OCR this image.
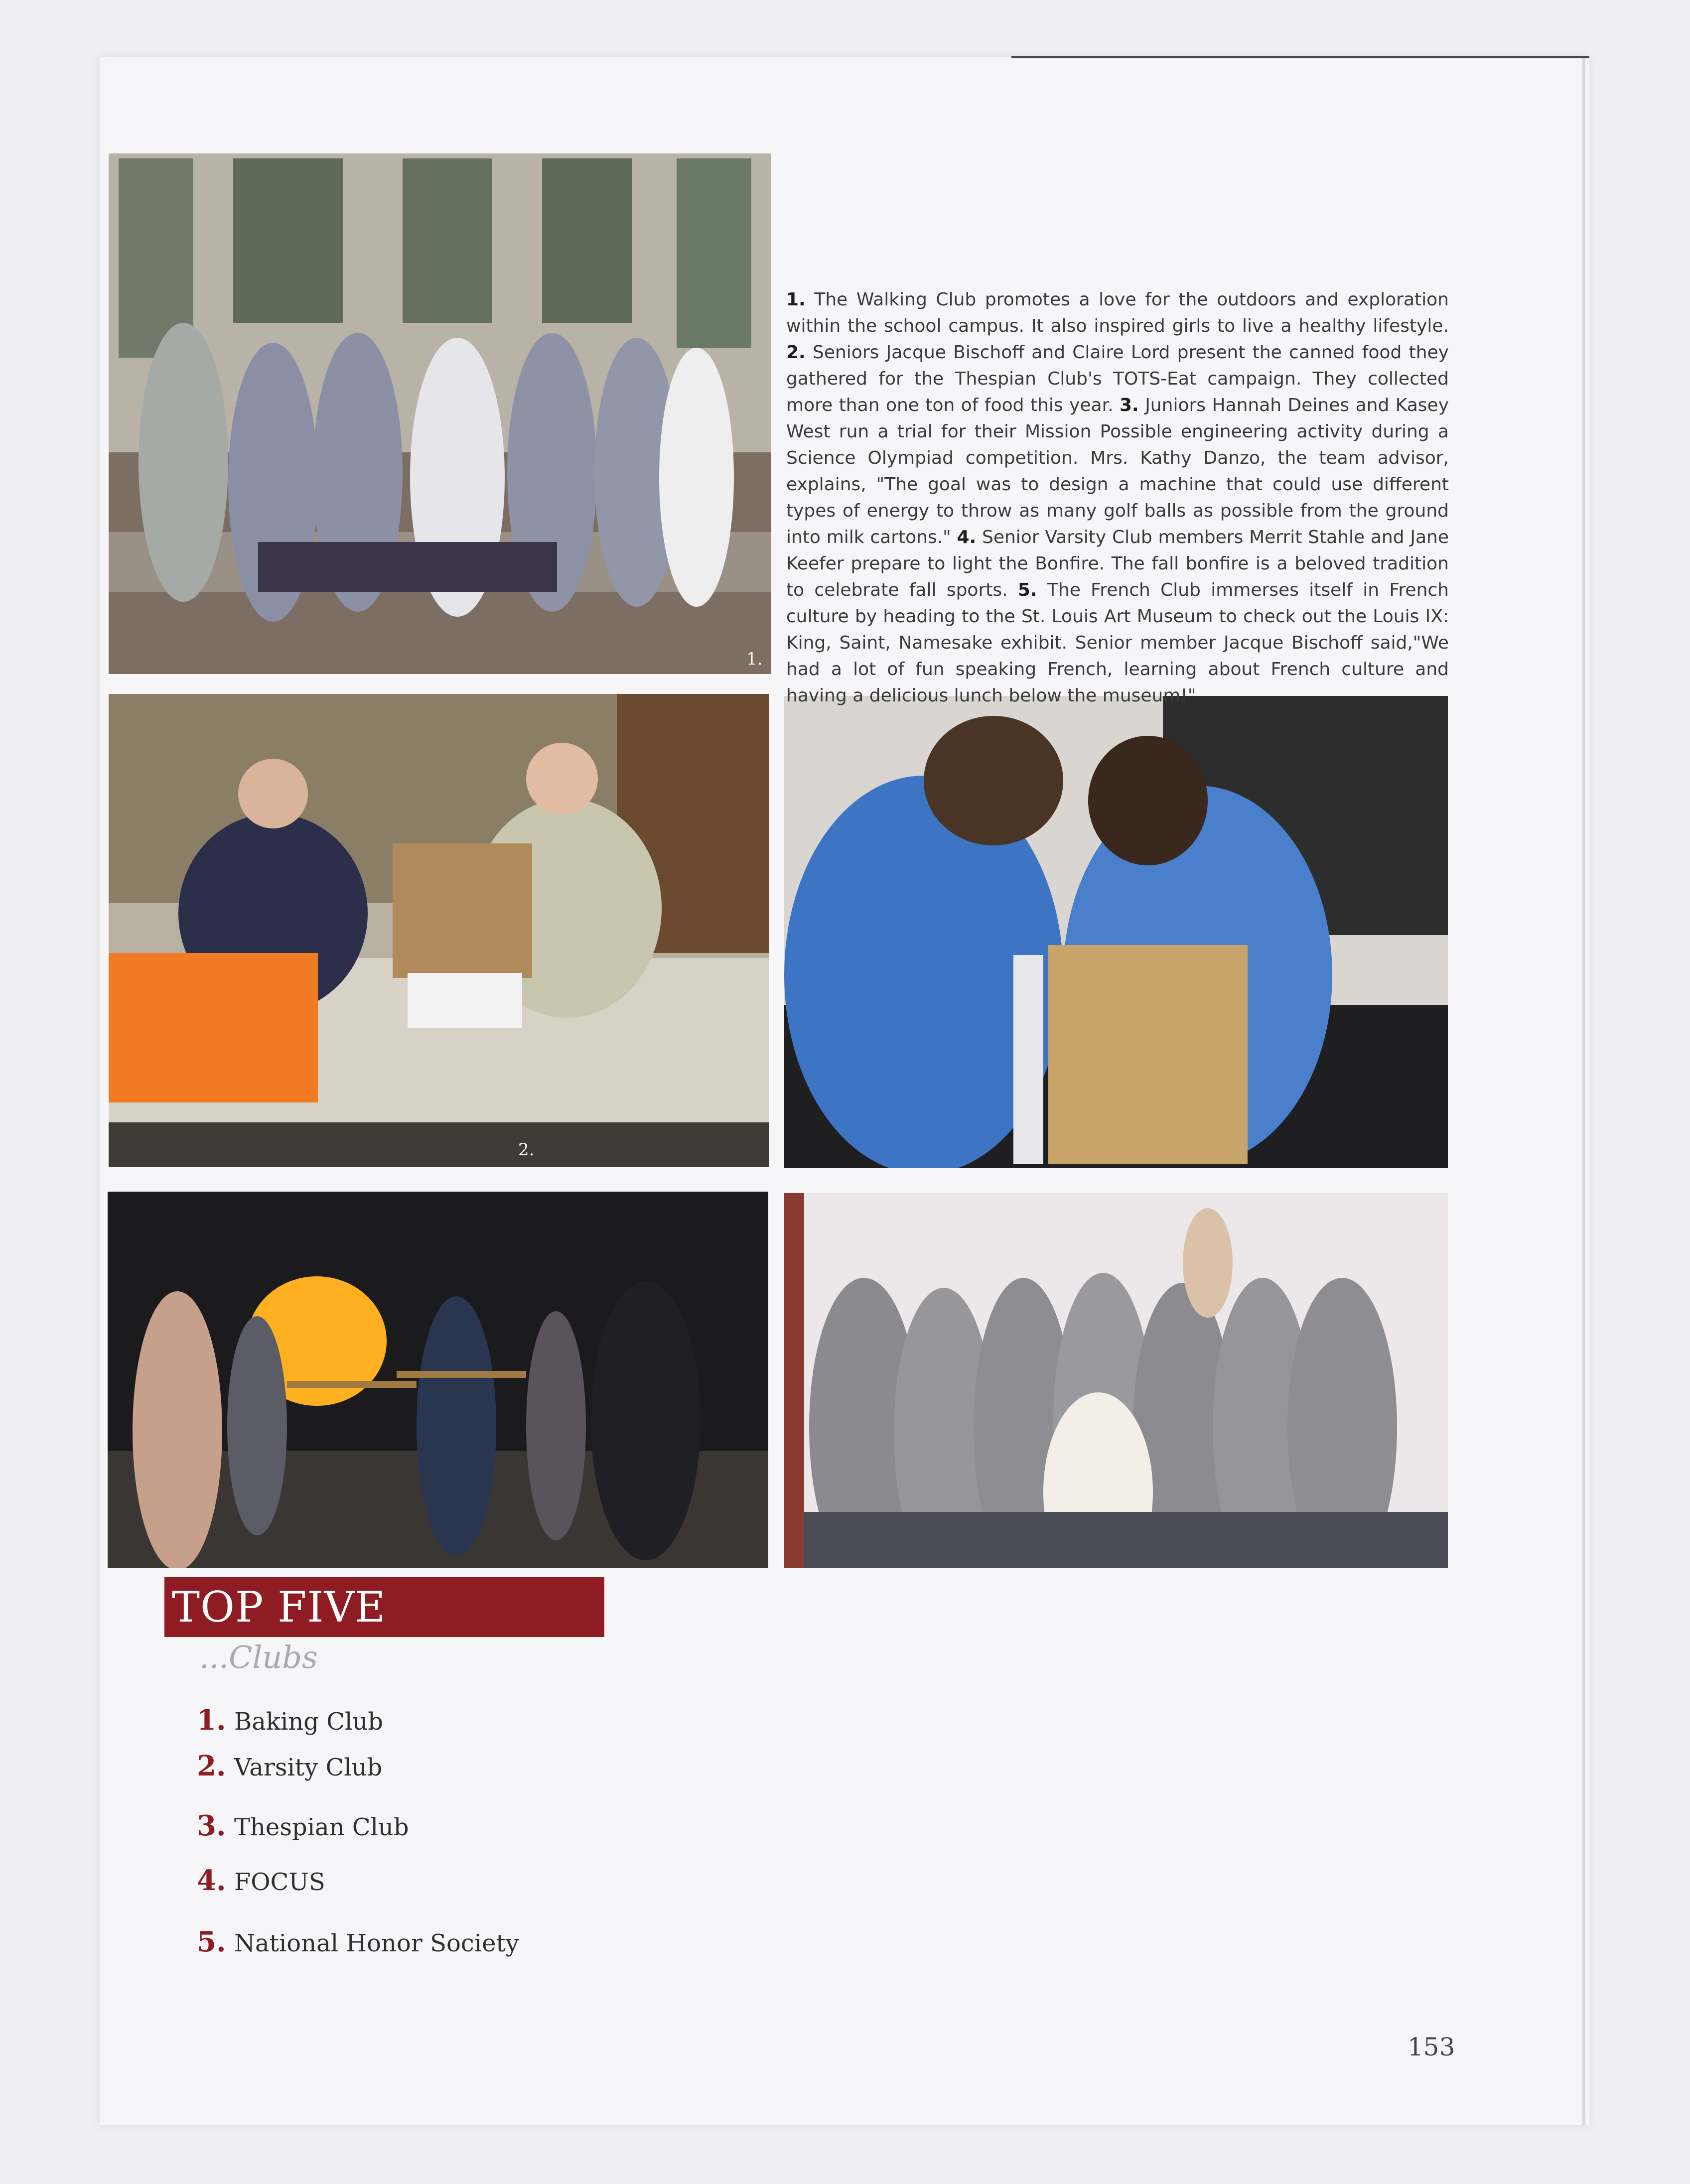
1.
2.
1. The Walking Club promotes a love for the outdoors and exploration within the school campus. It also inspired girls to live a healthy lifestyle. 2. Seniors Jacque Bischoff and Claire Lord present the canned food they gathered for the Thespian Club's TOTS-Eat campaign. They collected more than one ton of food this year. 3. Juniors Hannah Deines and Kasey West run a trial for their Mission Possible engineering activity during a Science Olympiad competition. Mrs. Kathy Danzo, the team advisor, explains, "The goal was to design a machine that could use different types of energy to throw as many golf balls as possible from the ground into milk cartons." 4. Senior Varsity Club members Merrit Stahle and Jane Keefer prepare to light the Bonfire. The fall bonfire is a beloved tradition to celebrate fall sports. 5. The French Club immerses itself in French culture by heading to the St. Louis Art Museum to check out the Louis IX: King, Saint, Namesake exhibit. Senior member Jacque Bischoff said,"We had a lot of fun speaking French, learning about French culture and having a delicious lunch below the museum!"
TOP FIVE
...Clubs
1. Baking Club
2. Varsity Club
3. Thespian Club
4. FOCUS
5. National Honor Society
153
